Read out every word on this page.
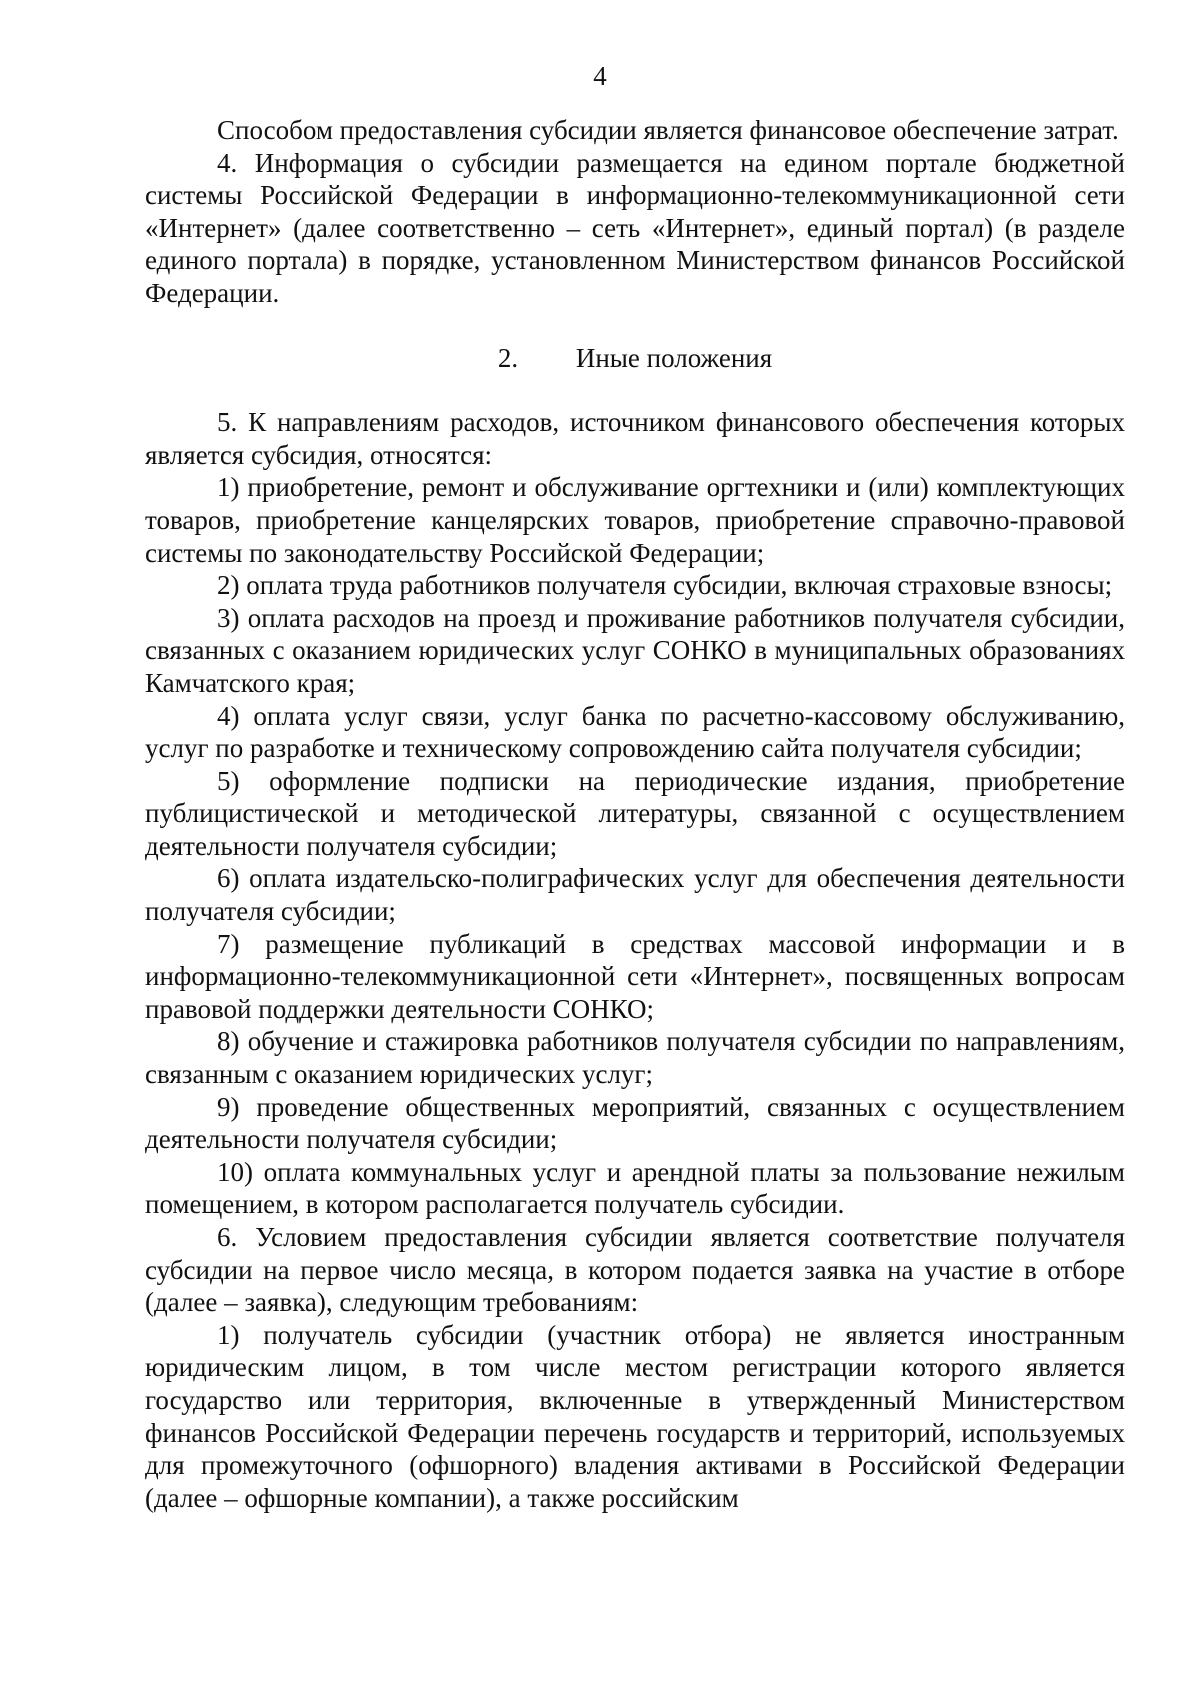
4

Способом предоставления субсидии является финансовое обеспечение затрат.

4. Информация о субсидии размещается на едином портале бюджетной системы Российской Федерации в информационно-телекоммуникационной сети «Интернет» (далее соответственно – сеть «Интернет», единый портал) (в разделе единого портала) в порядке, установленном Министерством финансов Российской Федерации.

2. Иные положения

5. К направлениям расходов, источником финансового обеспечения которых является субсидия, относятся:

1) приобретение, ремонт и обслуживание оргтехники и (или) комплектующих товаров, приобретение канцелярских товаров, приобретение справочно-правовой системы по законодательству Российской Федерации;

2) оплата труда работников получателя субсидии, включая страховые взносы;

3) оплата расходов на проезд и проживание работников получателя субсидии, связанных с оказанием юридических услуг СОНКО в муниципальных образованиях Камчатского края;

4) оплата услуг связи, услуг банка по расчетно-кассовому обслуживанию, услуг по разработке и техническому сопровождению сайта получателя субсидии;

5) оформление подписки на периодические издания, приобретение публицистической и методической литературы, связанной с осуществлением деятельности получателя субсидии;

6) оплата издательско-полиграфических услуг для обеспечения деятельности получателя субсидии;

7) размещение публикаций в средствах массовой информации и в информационно-телекоммуникационной сети «Интернет», посвященных вопросам правовой поддержки деятельности СОНКО;

8) обучение и стажировка работников получателя субсидии по направлениям, связанным с оказанием юридических услуг;

9) проведение общественных мероприятий, связанных с осуществлением деятельности получателя субсидии;

10) оплата коммунальных услуг и арендной платы за пользование нежилым помещением, в котором располагается получатель субсидии.

6. Условием предоставления субсидии является соответствие получателя субсидии на первое число месяца, в котором подается заявка на участие в отборе (далее – заявка), следующим требованиям:

1) получатель субсидии (участник отбора) не является иностранным юридическим лицом, в том числе местом регистрации которого является государство или территория, включенные в утвержденный Министерством финансов Российской Федерации перечень государств и территорий, используемых для промежуточного (офшорного) владения активами в Российской Федерации (далее – офшорные компании), а также российским
